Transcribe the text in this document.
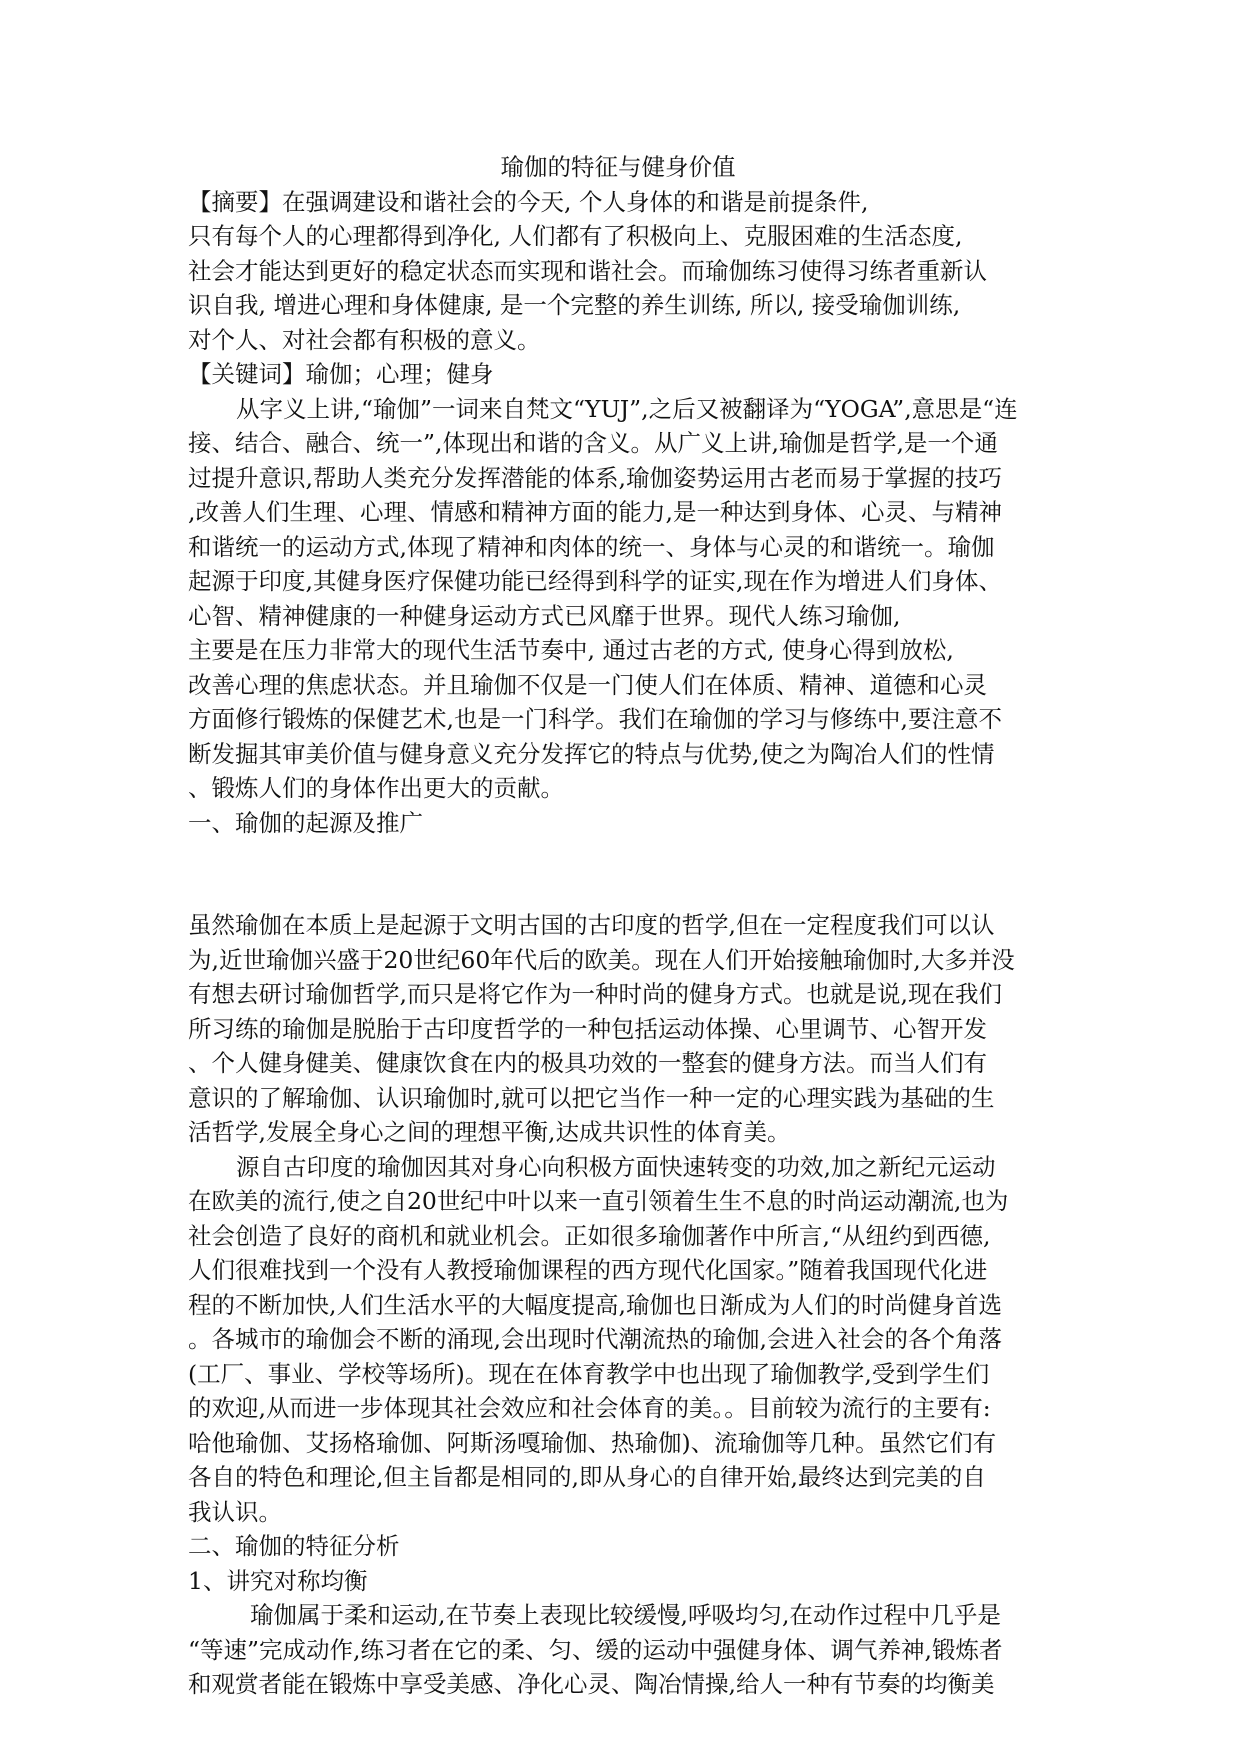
瑜伽的特征与健身价值
【摘要】在强调建设和谐社会的今天, 个人身体的和谐是前提条件,
只有每个人的心理都得到净化, 人们都有了积极向上、克服困难的生活态度,
社会才能达到更好的稳定状态而实现和谐社会。而瑜伽练习使得习练者重新认
识自我, 增进心理和身体健康, 是一个完整的养生训练, 所以, 接受瑜伽训练,
对个人、对社会都有积极的意义。
【关键词】瑜伽；心理；健身
从字义上讲,“瑜伽”一词来自梵文“YUJ”,之后又被翻译为“YOGA”,意思是“连
接、结合、融合、统一”,体现出和谐的含义。从广义上讲,瑜伽是哲学,是一个通
过提升意识,帮助人类充分发挥潜能的体系,瑜伽姿势运用古老而易于掌握的技巧
,改善人们生理、心理、情感和精神方面的能力,是一种达到身体、心灵、与精神
和谐统一的运动方式,体现了精神和肉体的统一、身体与心灵的和谐统一。瑜伽
起源于印度,其健身医疗保健功能已经得到科学的证实,现在作为增进人们身体、
心智、精神健康的一种健身运动方式已风靡于世界。现代人练习瑜伽,
主要是在压力非常大的现代生活节奏中, 通过古老的方式, 使身心得到放松,
改善心理的焦虑状态。并且瑜伽不仅是一门使人们在体质、精神、道德和心灵
方面修行锻炼的保健艺术,也是一门科学。我们在瑜伽的学习与修练中,要注意不
断发掘其审美价值与健身意义充分发挥它的特点与优势,使之为陶冶人们的性情
、锻炼人们的身体作出更大的贡献。
一、瑜伽的起源及推广
虽然瑜伽在本质上是起源于文明古国的古印度的哲学,但在一定程度我们可以认
为,近世瑜伽兴盛于20世纪60年代后的欧美。现在人们开始接触瑜伽时,大多并没
有想去研讨瑜伽哲学,而只是将它作为一种时尚的健身方式。也就是说,现在我们
所习练的瑜伽是脱胎于古印度哲学的一种包括运动体操、心里调节、心智开发
、个人健身健美、健康饮食在内的极具功效的一整套的健身方法。而当人们有
意识的了解瑜伽、认识瑜伽时,就可以把它当作一种一定的心理实践为基础的生
活哲学,发展全身心之间的理想平衡,达成共识性的体育美。
源自古印度的瑜伽因其对身心向积极方面快速转变的功效,加之新纪元运动
在欧美的流行,使之自20世纪中叶以来一直引领着生生不息的时尚运动潮流,也为
社会创造了良好的商机和就业机会。正如很多瑜伽著作中所言,“从纽约到西德,
人们很难找到一个没有人教授瑜伽课程的西方现代化国家。”随着我国现代化进
程的不断加快,人们生活水平的大幅度提高,瑜伽也日渐成为人们的时尚健身首选
。各城市的瑜伽会不断的涌现,会出现时代潮流热的瑜伽,会进入社会的各个角落
(工厂、事业、学校等场所)。现在在体育教学中也出现了瑜伽教学,受到学生们
的欢迎,从而进一步体现其社会效应和社会体育的美。。目前较为流行的主要有:
哈他瑜伽、艾扬格瑜伽、阿斯汤嘎瑜伽、热瑜伽)、流瑜伽等几种。虽然它们有
各自的特色和理论,但主旨都是相同的,即从身心的自律开始,最终达到完美的自
我认识。
二、瑜伽的特征分析
1、讲究对称均衡
瑜伽属于柔和运动,在节奏上表现比较缓慢,呼吸均匀,在动作过程中几乎是
“等速”完成动作,练习者在它的柔、匀、缓的运动中强健身体、调气养神,锻炼者
和观赏者能在锻炼中享受美感、净化心灵、陶冶情操,给人一种有节奏的均衡美
